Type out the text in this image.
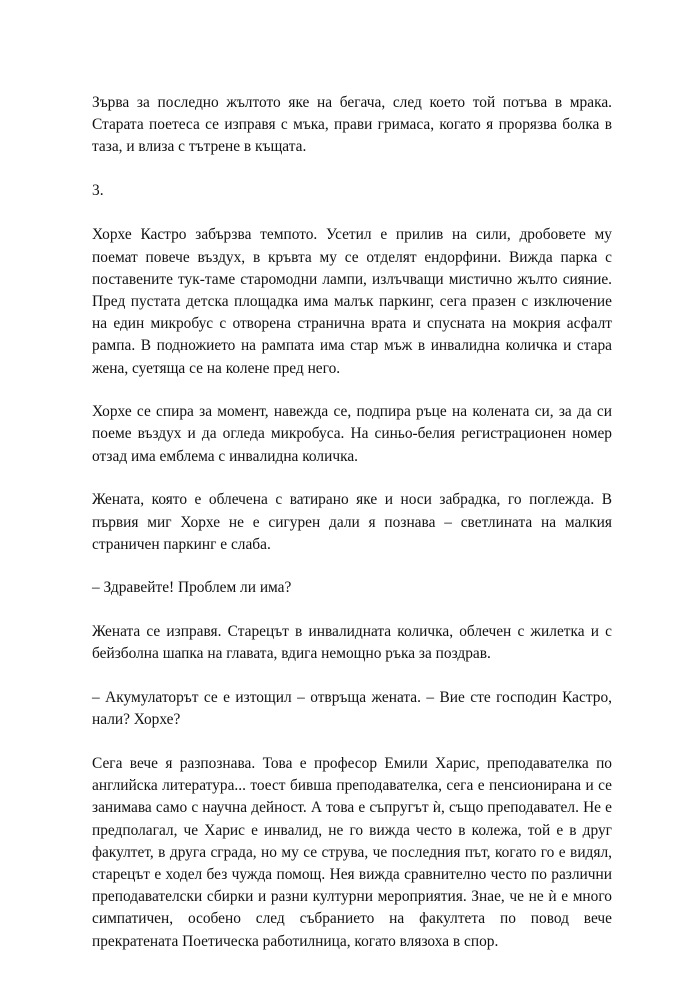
Зърва за последно жълтото яке на бегача, след което той потъва в мрака. Старата поетеса се изправя с мъка, прави гримаса, когато я прорязва болка в таза, и влиза с тътрене в къщата.

3.

Хорхе Кастро забързва темпото. Усетил е прилив на сили, дробовете му поемат повече въздух, в кръвта му се отделят ендорфини. Вижда парка с поставените тук-таме старомодни лампи, излъчващи мистично жълто сияние. Пред пустата детска площадка има малък паркинг, сега празен с изключение на един микробус с отворена странична врата и спусната на мокрия асфалт рампа. В подножието на рампата има стар мъж в инвалидна количка и стара жена, суетяща се на колене пред него.

Хорхе се спира за момент, навежда се, подпира ръце на колената си, за да си поеме въздух и да огледа микробуса. На синьо-белия регистрационен номер отзад има емблема с инвалидна количка.

Жената, която е облечена с ватирано яке и носи забрадка, го поглежда. В първия миг Хорхе не е сигурен дали я познава – светлината на малкия страничен паркинг е слаба.

– Здравейте! Проблем ли има?

Жената се изправя. Старецът в инвалидната количка, облечен с жилетка и с бейзболна шапка на главата, вдига немощно ръка за поздрав.

– Акумулаторът се е изтощил – отвръща жената. – Вие сте господин Кастро, нали? Хорхе?

Сега вече я разпознава. Това е професор Емили Харис, преподавателка по английска литература... тоест бивша преподавателка, сега е пенсионирана и се занимава само с научна дейност. А това е съпругът ѝ, също преподавател. Не е предполагал, че Харис е инвалид, не го вижда често в колежа, той е в друг факултет, в друга сграда, но му се струва, че последния път, когато го е видял, старецът е ходел без чужда помощ. Нея вижда сравнително често по различни преподавателски сбирки и разни културни мероприятия. Знае, че не ѝ е много симпатичен, особено след събранието на факултета по повод вече прекратената Поетическа работилница, когато влязоха в спор.
